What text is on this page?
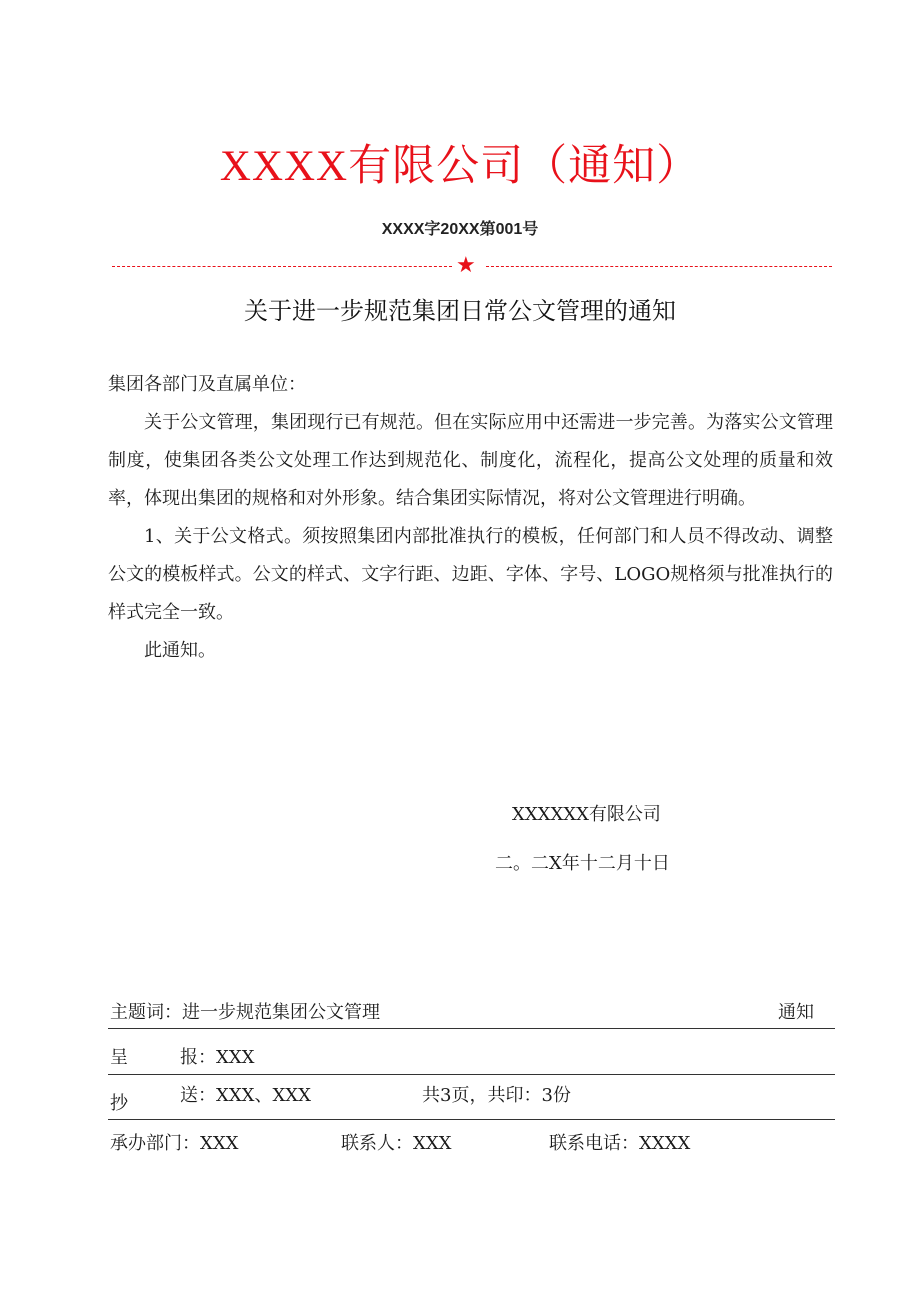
XXXX有限公司（通知）
XXXX字20XX第001号
★
关于进一步规范集团日常公文管理的通知

集团各部门及直属单位：

关于公文管理，集团现行已有规范。但在实际应用中还需进一步完善。为落实公文管理制度，使集团各类公文处理工作达到规范化、制度化，流程化，提高公文处理的质量和效率，体现出集团的规格和对外形象。结合集团实际情况，将对公文管理进行明确。

1、关于公文格式。须按照集团内部批准执行的模板，任何部门和人员不得改动、调整公文的模板样式。公文的样式、文字行距、边距、字体、字号、LOGO规格须与批准执行的样式完全一致。

此通知。

XXXXXX有限公司
二。二X年十二月十日
主题词：进一步规范集团公文管理	通知
呈	报：XXX
抄	送：XXX、XXX	共3页，共印：3份
承办部门：XXX	联系人：XXX	联系电话：XXXX
